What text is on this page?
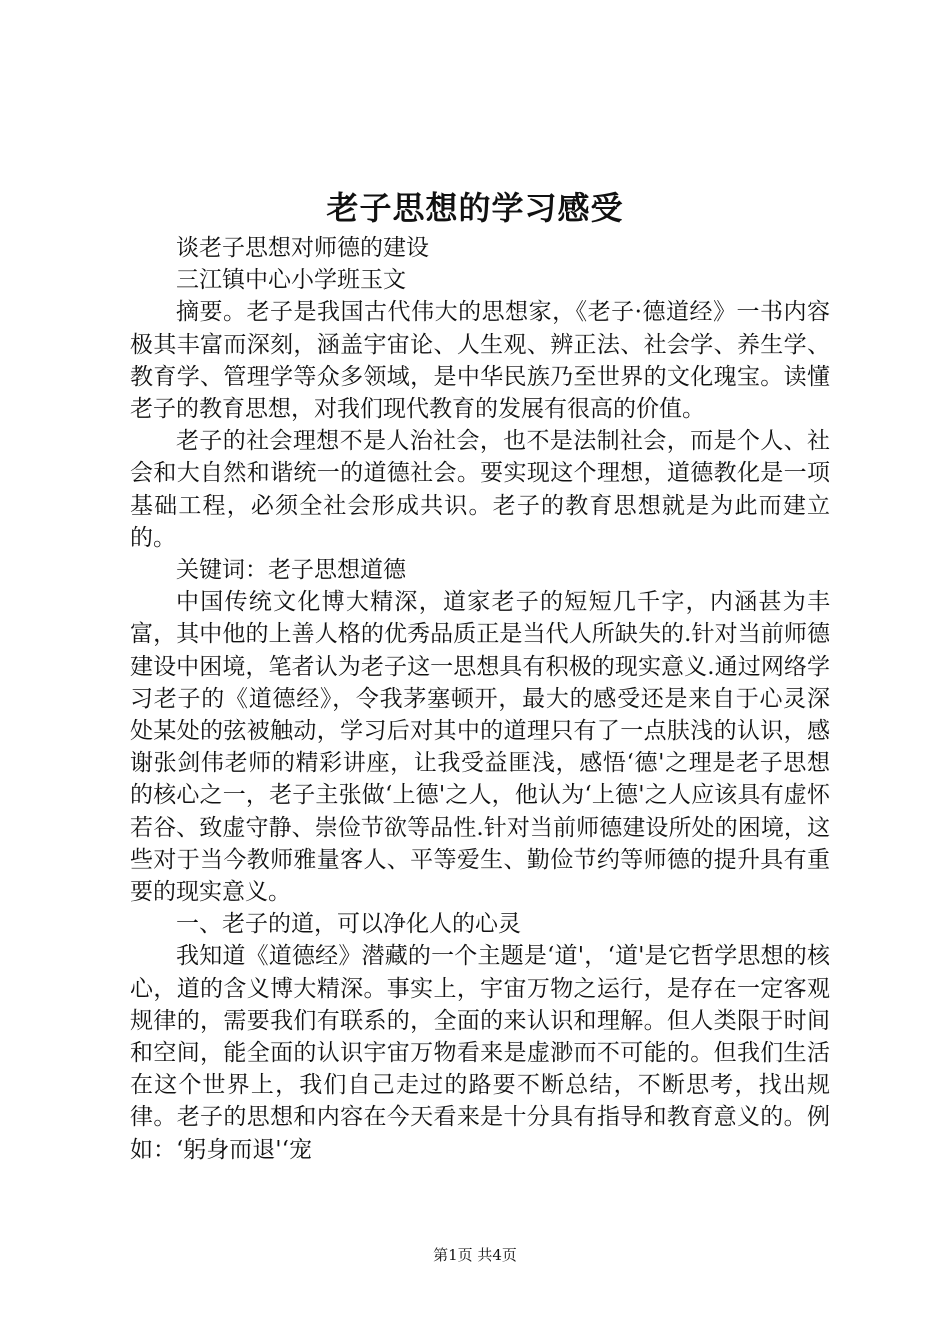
老子思想的学习感受

谈老子思想对师德的建设

三江镇中心小学班玉文

摘要。老子是我国古代伟大的思想家，《老子·德道经》一书内容极其丰富而深刻，涵盖宇宙论、人生观、辨正法、社会学、养生学、教育学、管理学等众多领域，是中华民族乃至世界的文化瑰宝。读懂老子的教育思想，对我们现代教育的发展有很高的价值。

老子的社会理想不是人治社会，也不是法制社会，而是个人、社会和大自然和谐统一的道德社会。要实现这个理想，道德教化是一项基础工程，必须全社会形成共识。老子的教育思想就是为此而建立的。

关键词：老子思想道德

中国传统文化博大精深，道家老子的短短几千字，内涵甚为丰富，其中他的上善人格的优秀品质正是当代人所缺失的.针对当前师德建设中困境，笔者认为老子这一思想具有积极的现实意义.通过网络学习老子的《道德经》，令我茅塞顿开，最大的感受还是来自于心灵深处某处的弦被触动，学习后对其中的道理只有了一点肤浅的认识，感谢张剑伟老师的精彩讲座，让我受益匪浅，感悟‘德'之理是老子思想的核心之一，老子主张做‘上德'之人，他认为‘上德'之人应该具有虚怀若谷、致虚守静、崇俭节欲等品性.针对当前师德建设所处的困境，这些对于当今教师雅量客人、平等爱生、勤俭节约等师德的提升具有重要的现实意义。

一、老子的道，可以净化人的心灵

我知道《道德经》潜藏的一个主题是‘道'，‘道'是它哲学思想的核心，道的含义博大精深。事实上，宇宙万物之运行，是存在一定客观规律的，需要我们有联系的，全面的来认识和理解。但人类限于时间和空间，能全面的认识宇宙万物看来是虚渺而不可能的。但我们生活在这个世界上，我们自己走过的路要不断总结，不断思考，找出规律。老子的思想和内容在今天看来是十分具有指导和教育意义的。例如：‘躬身而退'‘宠

第1页 共4页
